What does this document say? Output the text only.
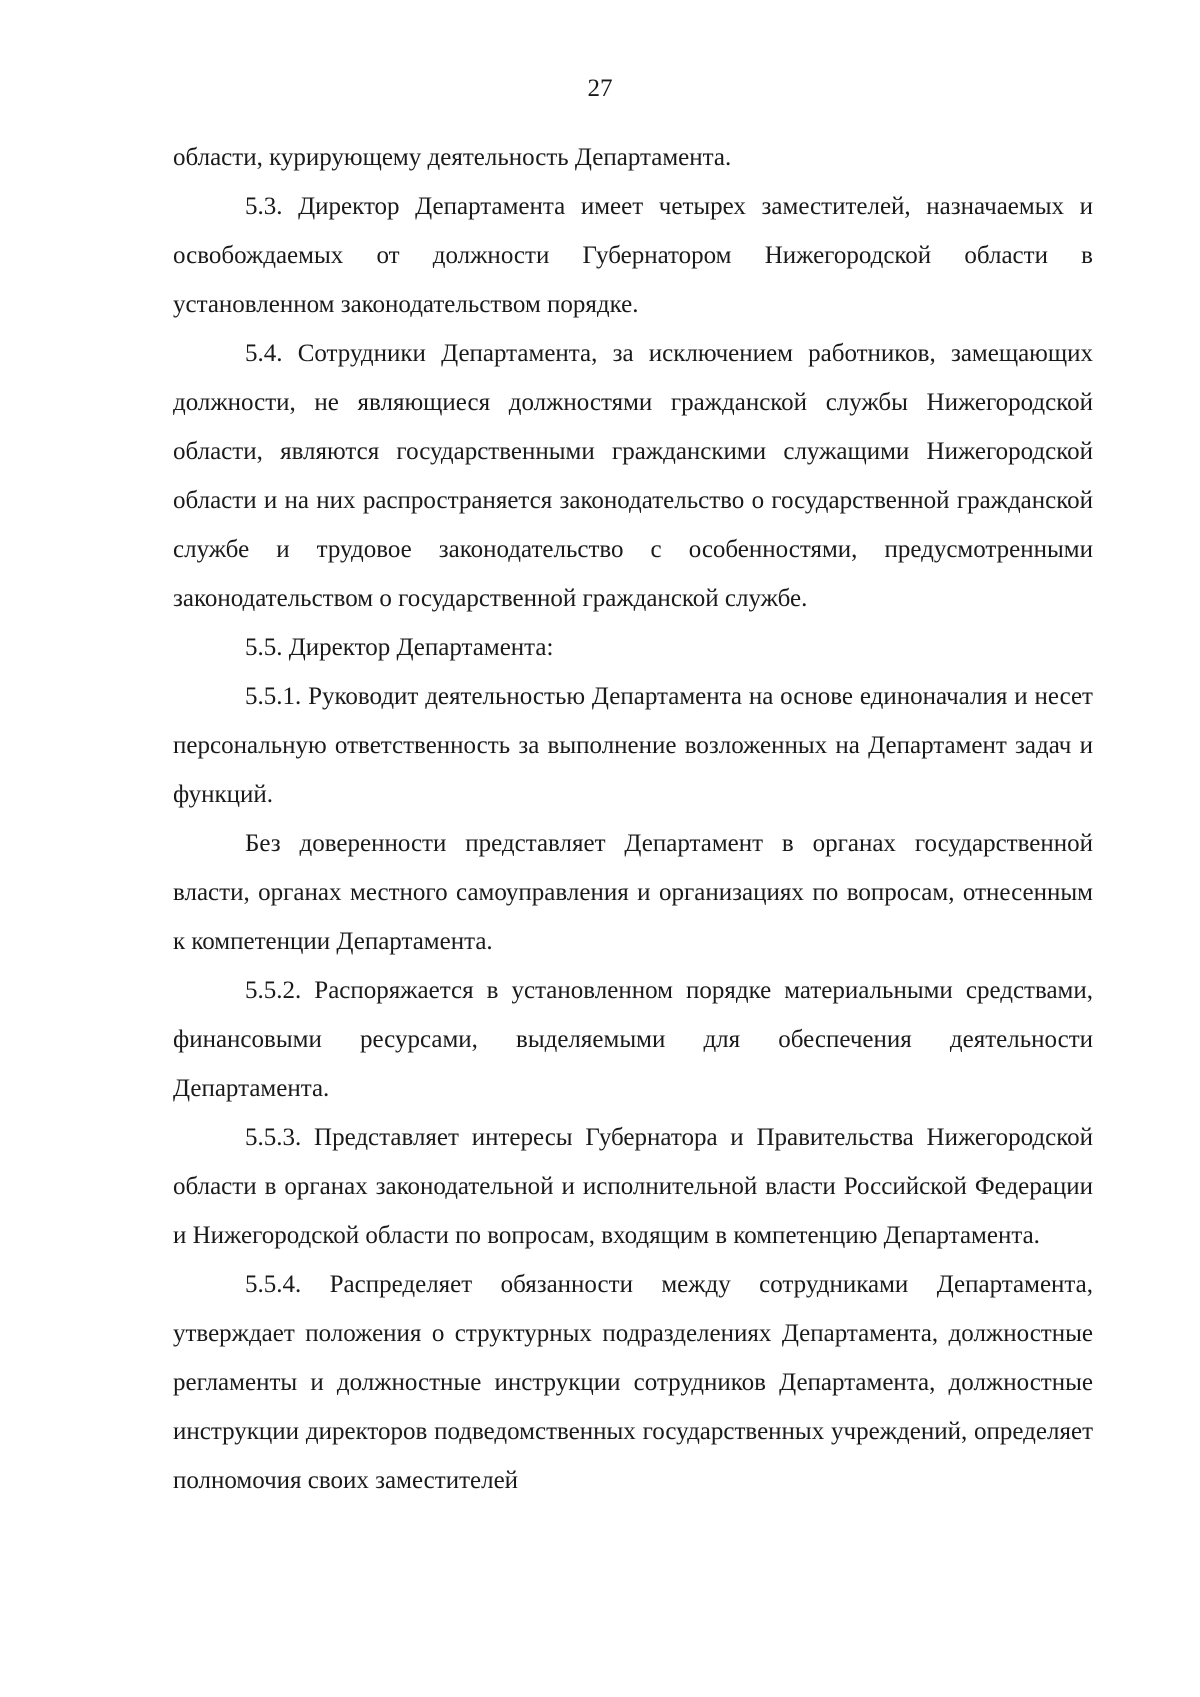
27

области, курирующему деятельность Департамента.

5.3. Директор Департамента имеет четырех заместителей, назначаемых и освобождаемых от должности Губернатором Нижегородской области в установленном законодательством порядке.

5.4. Сотрудники Департамента, за исключением работников, замещающих должности, не являющиеся должностями гражданской службы Нижегородской области, являются государственными гражданскими служащими Нижегородской области и на них распространяется законодательство о государственной гражданской службе и трудовое законодательство с особенностями, предусмотренными законодательством о государственной гражданской службе.

5.5. Директор Департамента:

5.5.1. Руководит деятельностью Департамента на основе единоначалия и несет персональную ответственность за выполнение возложенных на Департамент задач и функций.

Без доверенности представляет Департамент в органах государственной власти, органах местного самоуправления и организациях по вопросам, отнесенным к компетенции Департамента.

5.5.2. Распоряжается в установленном порядке материальными средствами, финансовыми ресурсами, выделяемыми для обеспечения деятельности Департамента.

5.5.3. Представляет интересы Губернатора и Правительства Нижегородской области в органах законодательной и исполнительной власти Российской Федерации и Нижегородской области по вопросам, входящим в компетенцию Департамента.

5.5.4. Распределяет обязанности между сотрудниками Департамента, утверждает положения о структурных подразделениях Департамента, должностные регламенты и должностные инструкции сотрудников Департамента, должностные инструкции директоров подведомственных государственных учреждений, определяет полномочия своих заместителей
